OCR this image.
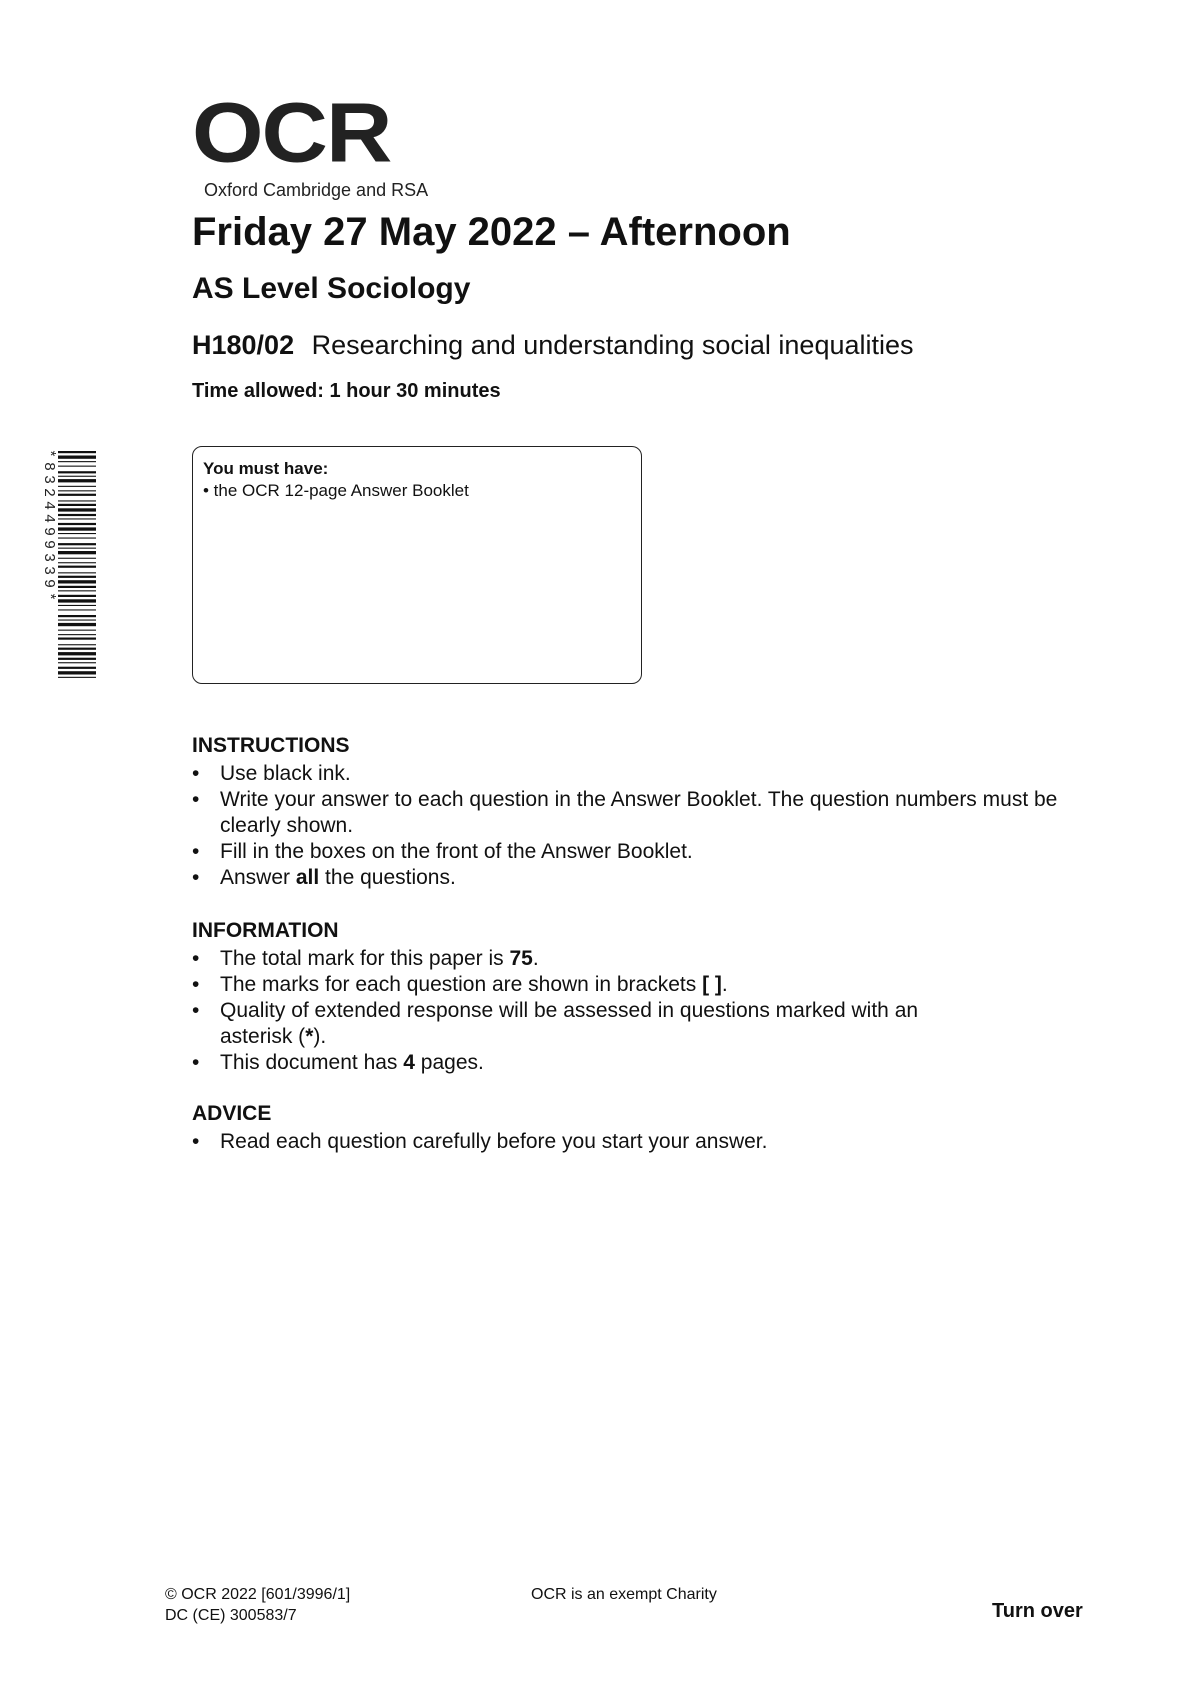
OCR
Oxford Cambridge and RSA
Friday 27 May 2022 – Afternoon
AS Level Sociology

H180/02 Researching and understanding social inequalities

Time allowed: 1 hour 30 minutes
*8324499339*	You must have:

• the OCR 12-page Answer Booklet
INSTRUCTIONS
• Use black ink.
• Write your answer to each question in the Answer Booklet. The question numbers must be clearly shown.
• Fill in the boxes on the front of the Answer Booklet.
• Answer all the questions.
INFORMATION
• The total mark for this paper is 75.
• The marks for each question are shown in brackets [ ].
• Quality of extended response will be assessed in questions marked with an
asterisk (*).
• This document has 4 pages.
ADVICE
• Read each question carefully before you start your answer.
© OCR 2022 [601/3996/1]
DC (CE) 300583/7
OCR is an exempt Charity
Turn over
